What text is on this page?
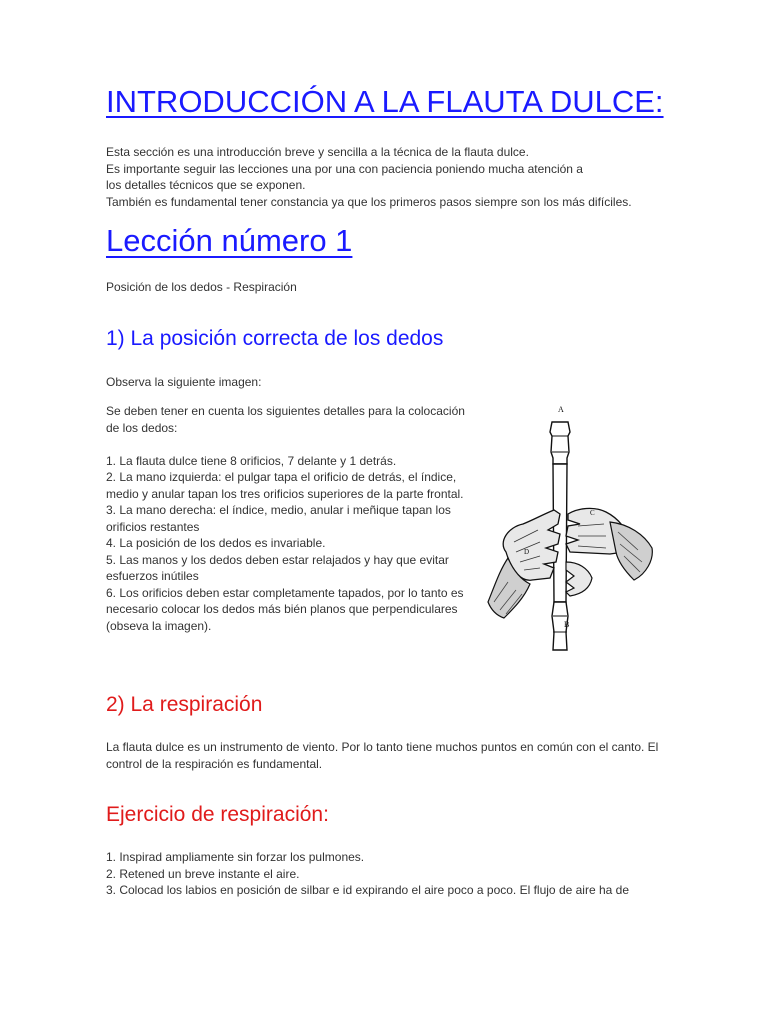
INTRODUCCIÓN A LA FLAUTA DULCE:

Esta sección es una introducción breve y sencilla a la técnica de la flauta dulce.

Es importante seguir las lecciones una por una con paciencia poniendo mucha atención a

los detalles técnicos que se exponen.

También es fundamental tener constancia ya que los primeros pasos siempre son los más difíciles.

Lección número 1
Posición de los dedos - Respiración
1) La posición correcta de los dedos
Observa la siguiente imagen:

Se deben tener en cuenta los siguientes detalles para la colocación de los dedos:

1. La flauta dulce tiene 8 orificios, 7 delante y 1 detrás.

2. La mano izquierda: el pulgar tapa el orificio de detrás, el índice, medio y anular tapan los tres orificios superiores de la parte frontal.

3. La mano derecha: el índice, medio, anular i meñique tapan los orificios restantes

4. La posición de los dedos es invariable.

5. Las manos y los dedos deben estar relajados y hay que evitar esfuerzos inútiles

6. Los orificios deben estar completamente tapados, por lo tanto es necesario colocar los dedos más bién planos que perpendiculares (obseva la imagen).

A
C
D
B
2) La respiración

La flauta dulce es un instrumento de viento. Por lo tanto tiene muchos puntos en común con el canto. El control de la respiración es fundamental.

Ejercicio de respiración:

1. Inspirad ampliamente sin forzar los pulmones.

2. Retened un breve instante el aire.

3. Colocad los labios en posición de silbar e id expirando el aire poco a poco. El flujo de aire ha de
